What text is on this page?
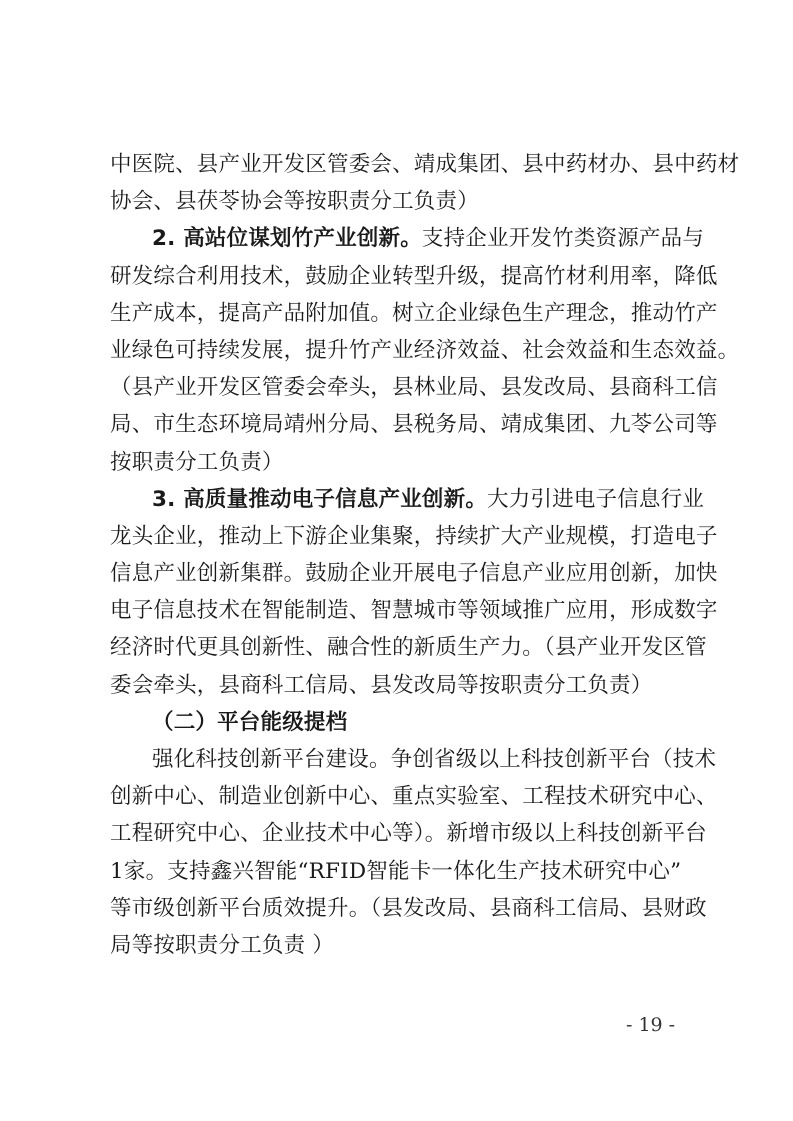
中医院、县产业开发区管委会、靖成集团、县中药材办、县中药材
协会、县茯苓协会等按职责分工负责）
2. 高站位谋划竹产业创新。支持企业开发竹类资源产品与
研发综合利用技术，鼓励企业转型升级，提高竹材利用率，降低
生产成本，提高产品附加值。树立企业绿色生产理念，推动竹产
业绿色可持续发展，提升竹产业经济效益、社会效益和生态效益。
（县产业开发区管委会牵头，县林业局、县发改局、县商科工信
局、市生态环境局靖州分局、县税务局、靖成集团、九苓公司等
按职责分工负责）
3. 高质量推动电子信息产业创新。大力引进电子信息行业
龙头企业，推动上下游企业集聚，持续扩大产业规模，打造电子
信息产业创新集群。鼓励企业开展电子信息产业应用创新，加快
电子信息技术在智能制造、智慧城市等领域推广应用，形成数字
经济时代更具创新性、融合性的新质生产力。（县产业开发区管
委会牵头，县商科工信局、县发改局等按职责分工负责）
（二）平台能级提档
强化科技创新平台建设。争创省级以上科技创新平台（技术
创新中心、制造业创新中心、重点实验室、工程技术研究中心、
工程研究中心、企业技术中心等）。新增市级以上科技创新平台
1家。支持鑫兴智能“RFID智能卡一体化生产技术研究中心”
等市级创新平台质效提升。（县发改局、县商科工信局、县财政
局等按职责分工负责 ）
- 19 -
